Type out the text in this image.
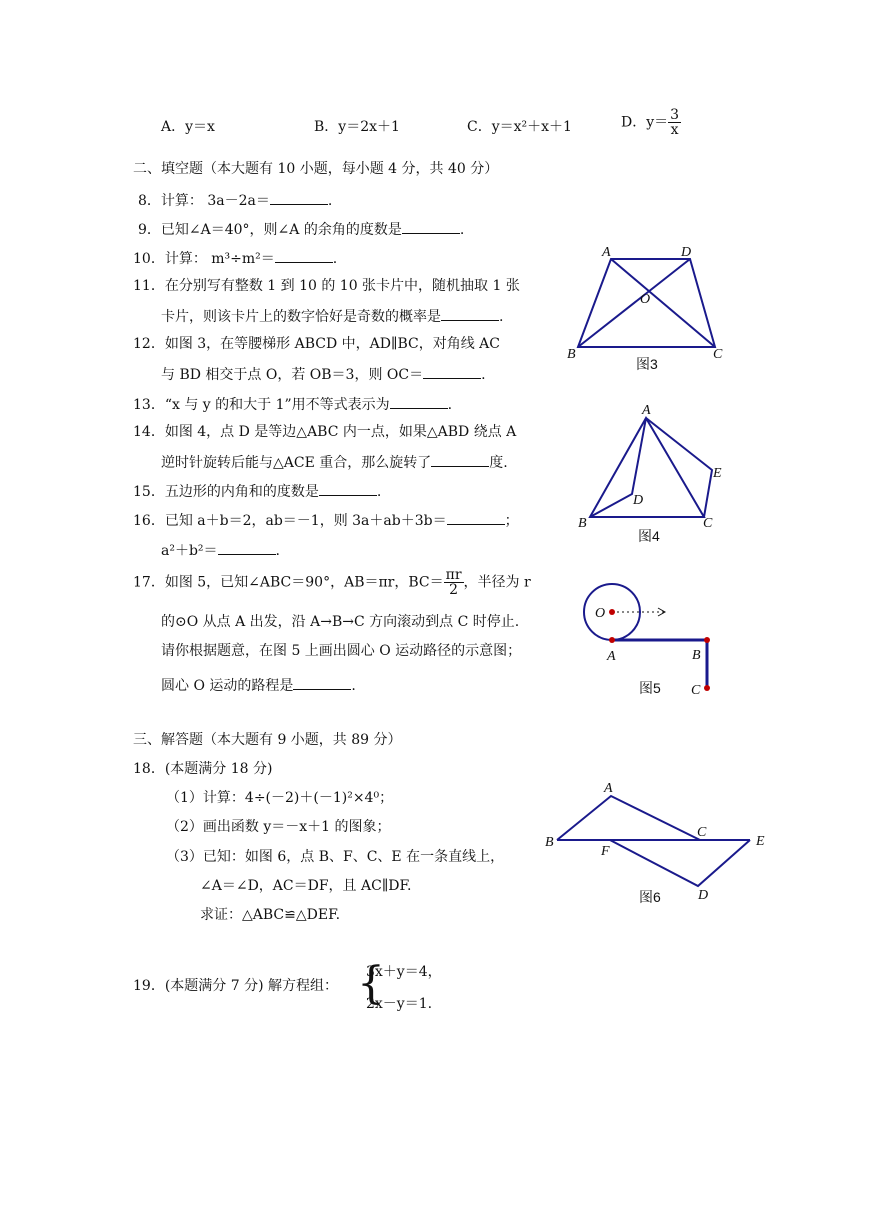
A．y＝x	B．y＝2x＋1	C．y＝x²＋x＋1	D．$y= \frac{3}{x}$
二、填空题（本大题有 10 小题，每小题 4 分，共 40 分）
8．计算： 3a－2a＝	.
9．已知∠A＝40°，则∠A 的余角的度数是	.
10．计算： m³÷m²＝	.
11．在分别写有整数 1 到 10 的 10 张卡片中，随机抽取 1 张
卡片，则该卡片上的数字恰好是奇数的概率是	.
12．如图 3，在等腰梯形 ABCD 中，AD∥BC，对角线 AC
与 BD 相交于点 O，若 OB＝3，则 OC＝	.
13．“x 与 y 的和大于 1”用不等式表示为	.
14．如图 4，点 D 是等边△ABC 内一点，如果△ABD 绕点 A
逆时针旋转后能与△ACE 重合，那么旋转了	度.
15．五边形的内角和的度数是	.
16．已知 a＋b＝2，ab＝－1，则 3a＋ab＋3b＝	；
a²＋b²＝	.
17．如图 5，已知∠ABC＝90°，AB＝πr，$BC= \frac{\pi r}{2}$ ，半径为 r
的⊙O 从点 A 出发，沿 A→B→C 方向滚动到点 C 时停止.
请你根据题意，在图 5 上画出圆心 O 运动路径的示意图；
圆心 O 运动的路程是	.
三、解答题（本大题有 9 小题，共 89 分）
18．(本题满分 18 分)
（1）计算：4÷(－2)＋(－1)²×4⁰；
（2）画出函数 y＝－x＋1 的图象；
（3）已知：如图 6，点 B、F、C、E 在一条直线上，
∠A＝∠D，AC＝DF，且 AC∥DF.
求证：△ABC≌△DEF.
19．(本题满分 7 分) 解方程组： {
3x＋y＝4，
2x－y＝1.
A	D
O
B	C
图3
A
E
D
B	C
图4
O
A	B
C
图5
A
B
F
C
E
D
图6
